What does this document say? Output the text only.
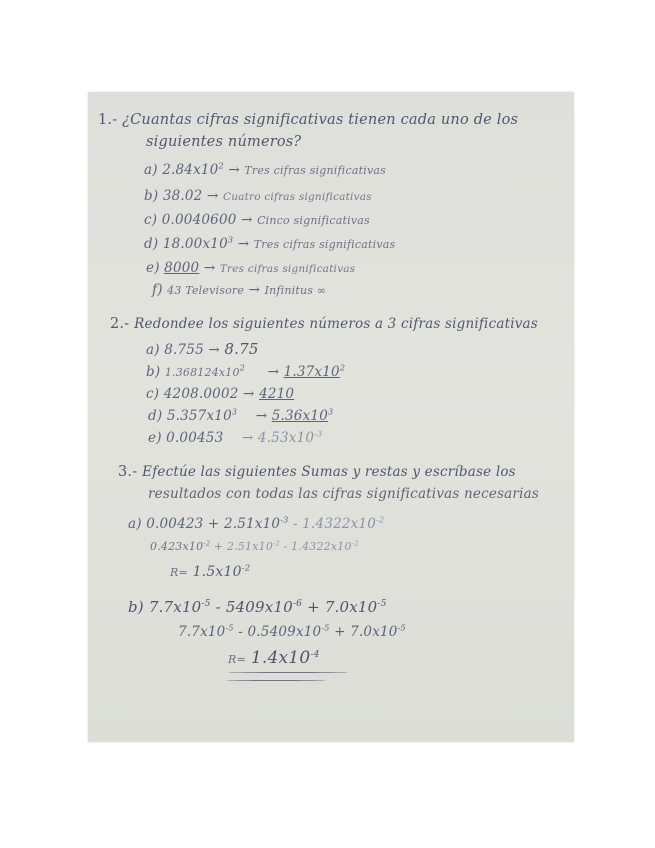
1.- ¿Cuantas cifras significativas tienen cada uno de los
siguientes números?
a) $2.84x10^2$ → Tres cifras significativas
b) 38.02 → Cuatro cifras significativas
c) 0.0040600 → Cinco significativas
d) $18.00x10^3$ → Tres cifras significativas
e) 8000 → Tres cifras significativas
f) 43 Televisore → Infinitus ∞
2.- Redondee los siguientes números a 3 cifras significativas
a) 8.755 → 8.75
b) $1.368124x10^2 \to 1.37x10^2$
c) 4208.0002 → 4210
d) $5.357x10^3 \to 5.36x10^3$
e) $0.00453 \to 4.53x10^{-3}$
3.- Efectúe las siguientes Sumas y restas y escríbase los
resultados con todas las cifras significativas necesarias
a) $0.00423 + 2.51x10^{-3} - 1.4322x10^{-2}$
$0.423x10^{-2} + 2.51x10^{-2} - 1.4322x10^{-2}$
$R= 1.5x10^{-2}$
b) $7.7x10^{-5} - 5409x10^{-6} + 7.0x10^{-5}$
$7.7x10^{-5} - 0.5409x10^{-5} + 7.0x10^{-5}$
$R= 1.4x10^{-4}$
